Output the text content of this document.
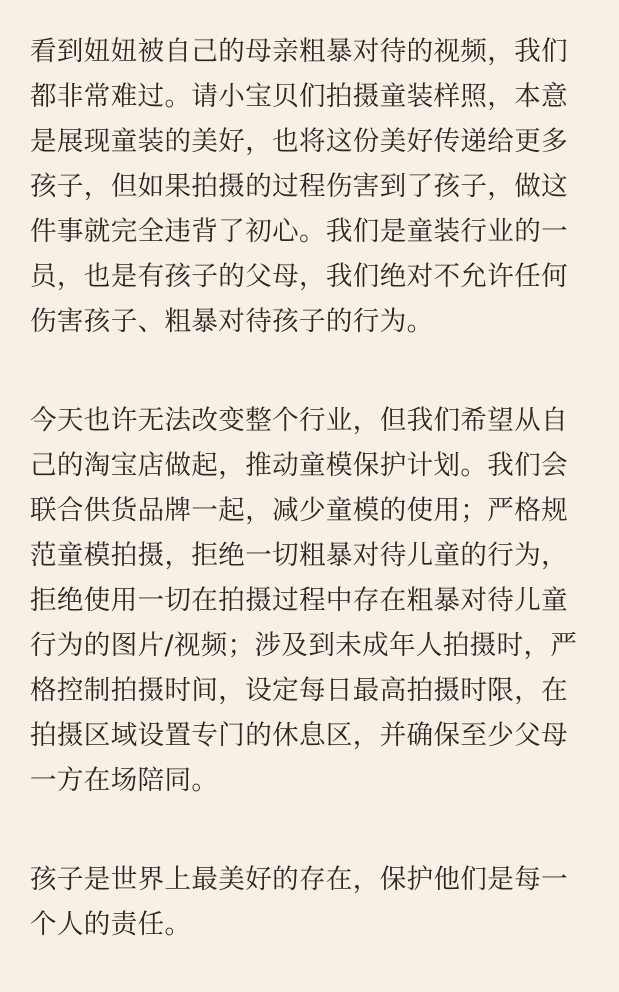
看到妞妞被自己的母亲粗暴对待的视频，我们
都非常难过。请小宝贝们拍摄童装样照，本意
是展现童装的美好，也将这份美好传递给更多
孩子，但如果拍摄的过程伤害到了孩子，做这
件事就完全违背了初心。我们是童装行业的一
员，也是有孩子的父母，我们绝对不允许任何
伤害孩子、粗暴对待孩子的行为。

今天也许无法改变整个行业，但我们希望从自
己的淘宝店做起，推动童模保护计划。我们会
联合供货品牌一起，减少童模的使用；严格规
范童模拍摄，拒绝一切粗暴对待儿童的行为，
拒绝使用一切在拍摄过程中存在粗暴对待儿童
行为的图片/视频；涉及到未成年人拍摄时，严
格控制拍摄时间，设定每日最高拍摄时限，在
拍摄区域设置专门的休息区，并确保至少父母
一方在场陪同。

孩子是世界上最美好的存在，保护他们是每一
个人的责任。
